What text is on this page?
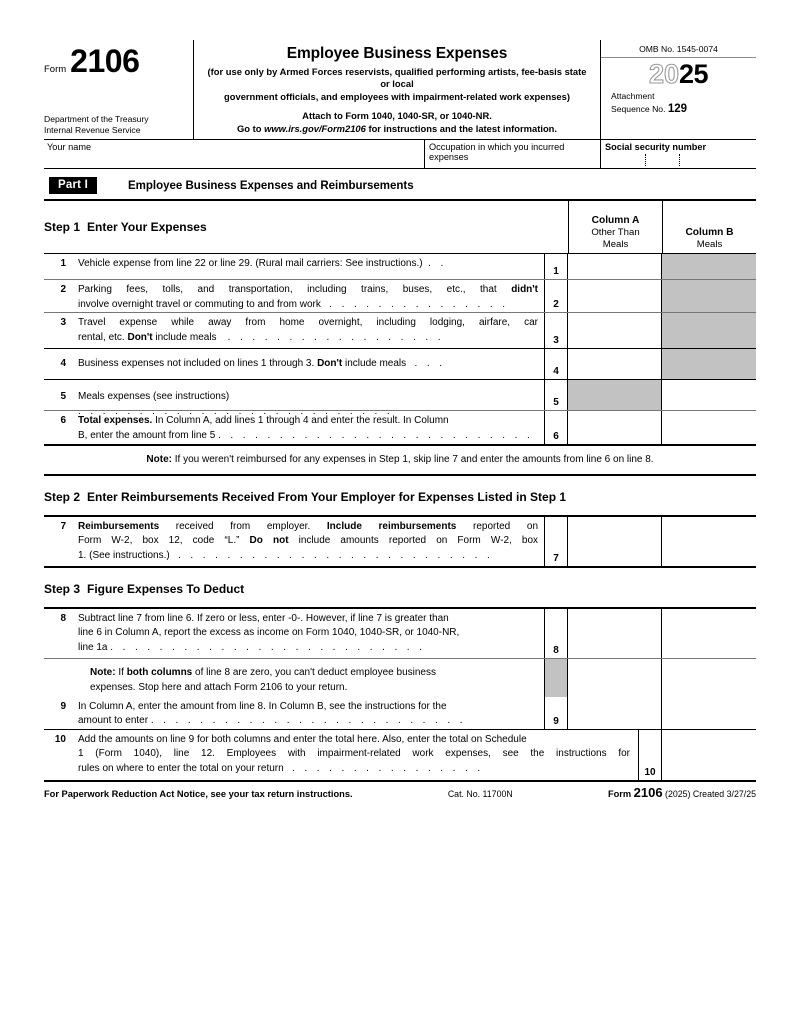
Form 2106
Department of the Treasury
Internal Revenue Service
Employee Business Expenses
(for use only by Armed Forces reservists, qualified performing artists, fee-basis state or local
government officials, and employees with impairment-related work expenses)
Attach to Form 1040, 1040-SR, or 1040-NR.
Go to www.irs.gov/Form2106 for instructions and the latest information.
OMB No. 1545-0074
2025
Attachment
Sequence No. 129
Your name	Occupation in which you incurred expenses
Social security number
Part I	Employee Business Expenses and Reimbursements
Step 1 Enter Your Expenses
Column A
Other Than
Meals
Column B
Meals
1	Vehicle expense from line 22 or line 29. (Rural mail carriers: See instructions.) . .
1
2	Parking fees, tolls, and transportation, including trains, buses, etc., that didn't
involve overnight travel or commuting to and from work . . . . . . . . . . . . . . .	2
3	Travel expense while away from home overnight, including lodging, airfare, car
rental, etc. Don't include meals . . . . . . . . . . . . . . . . . .	3
4	Business expenses not included on lines 1 through 3. Don't include meals . . .
4
5	Meals expenses (see instructions) . . . . . . . . . . . . . . . . . . . . . . . . . .
5
6	Total expenses. In Column A, add lines 1 through 4 and enter the result. In Column
B, enter the amount from line 5 . . . . . . . . . . . . . . . . . . . . . . . . . .	6
Note: If you weren't reimbursed for any expenses in Step 1, skip line 7 and enter the amounts from line 6 on line 8.
Step 2 Enter Reimbursements Received From Your Employer for Expenses Listed in Step 1
7	Reimbursements received from employer. Include reimbursements reported on
Form W-2, box 12, code “L.” Do not include amounts reported on Form W-2, box
1. (See instructions.) . . . . . . . . . . . . . . . . . . . . . . . . . .	7
Step 3 Figure Expenses To Deduct
8	Subtract line 7 from line 6. If zero or less, enter -0-. However, if line 7 is greater than
line 6 in Column A, report the excess as income on Form 1040, 1040-SR, or 1040-NR,
line 1a . . . . . . . . . . . . . . . . . . . . . . . . . .	8
Note: If both columns of line 8 are zero, you can't deduct employee business
expenses. Stop here and attach Form 2106 to your return.
9	In Column A, enter the amount from line 8. In Column B, see the instructions for the
amount to enter . . . . . . . . . . . . . . . . . . . . . . . . . .	9
10	Add the amounts on line 9 for both columns and enter the total here. Also, enter the total on Schedule
1 (Form 1040), line 12. Employees with impairment-related work expenses, see the instructions for
rules on where to enter the total on your return . . . . . . . . . . . . . . . .	10
For Paperwork Reduction Act Notice, see your tax return instructions.	Cat. No. 11700N	Form 2106 (2025) Created 3/27/25
